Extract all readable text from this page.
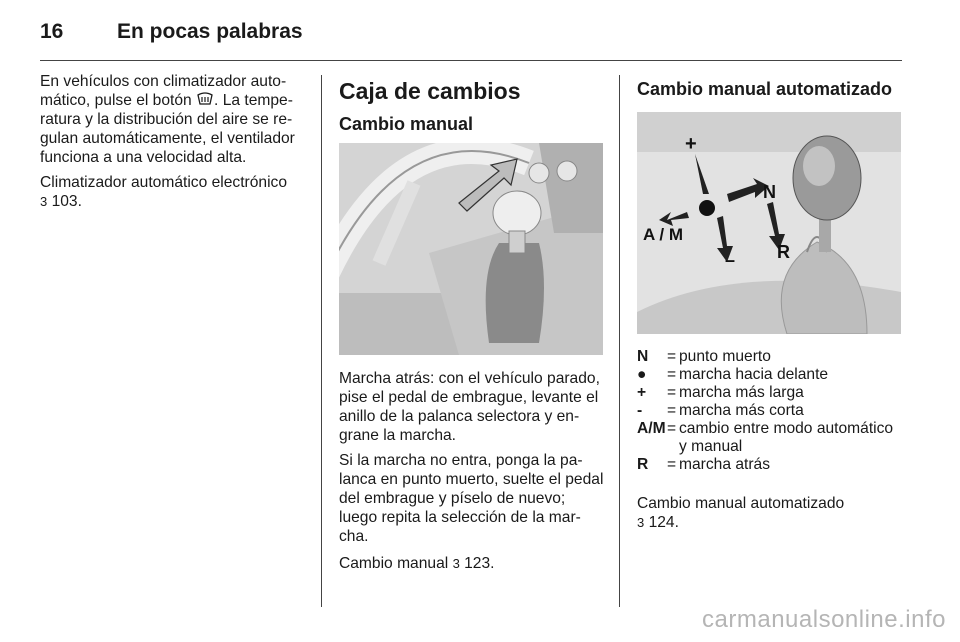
16	En pocas palabras

En vehículos con climatizador automático, pulse el botón . La temperatura y la distribución del aire se regulan automáticamente, el ventilador funciona a una velocidad alta.

Climatizador automático electrónico
3 103.

Caja de cambios
Cambio manual

Marcha atrás: con el vehículo parado, pise el pedal de embrague, levante el anillo de la palanca selectora y engrane la marcha.

Si la marcha no entra, ponga la palanca en punto muerto, suelte el pedal del embrague y píselo de nuevo; luego repita la selección de la marcha.

Cambio manual 3 123.

Cambio manual automatizado
+
N
A / M
– R
N	= punto muerto
●	= marcha hacia delante
+	= marcha más larga
-	= marcha más corta
A/M = cambio entre modo automático y manual
R	= marcha atrás

Cambio manual automatizado
3 124.

carmanualsonline.info
